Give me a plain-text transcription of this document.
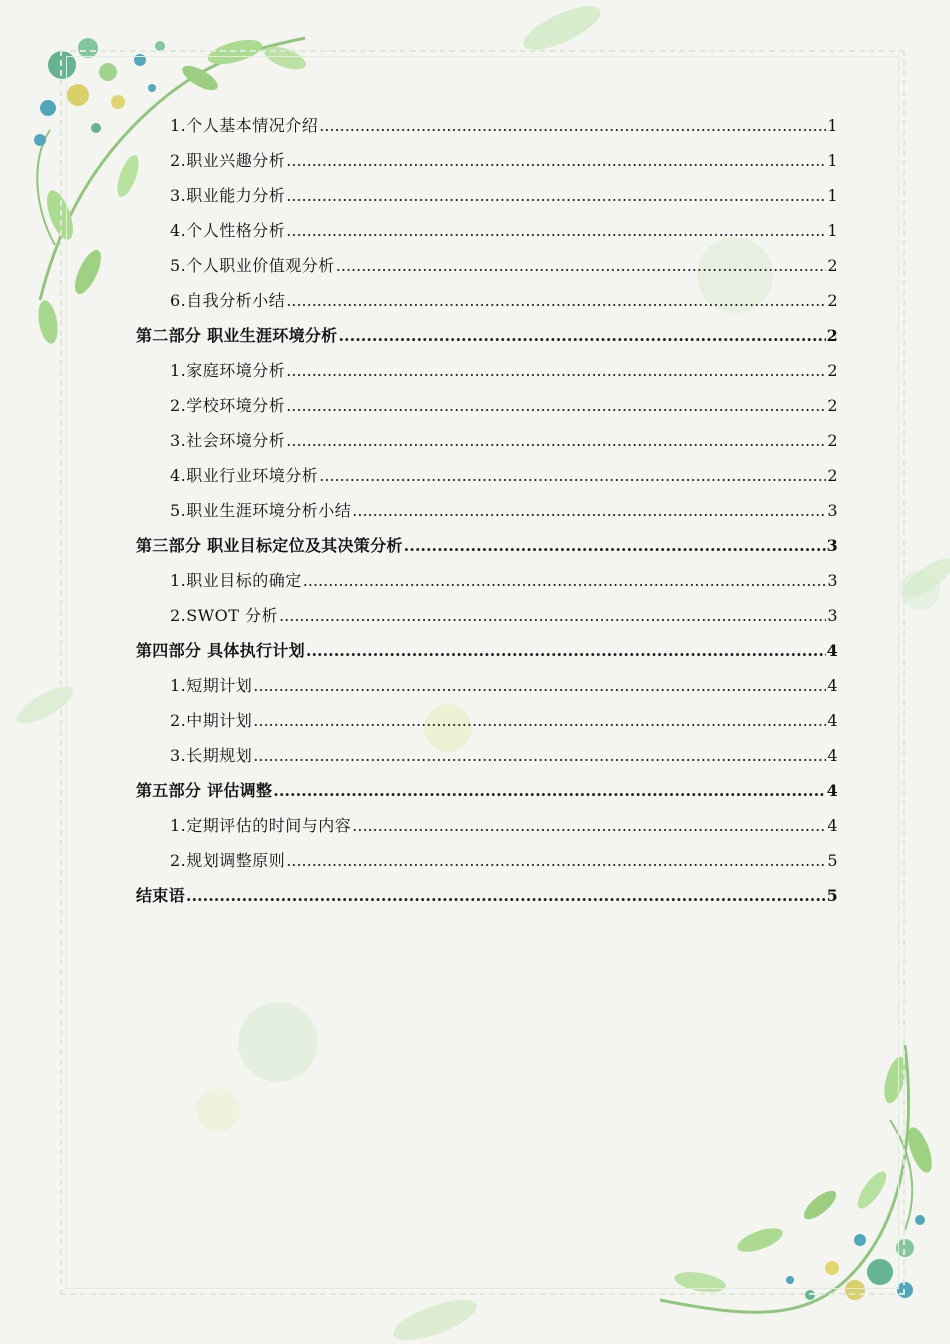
1.个人基本情况介绍 .....	1
2.职业兴趣分析 .....	1
3.职业能力分析 .....	1
4.个人性格分析 .....	1
5.个人职业价值观分析 .....	2
6.自我分析小结 .....	2
第二部分 职业生涯环境分析 .....	2
1.家庭环境分析 .....	2
2.学校环境分析 .....	2
3.社会环境分析 .....	2
4.职业行业环境分析 .....	2
5.职业生涯环境分析小结 .....	3
第三部分 职业目标定位及其决策分析 .....	3
1.职业目标的确定 .....	3
2.SWOT 分析 .....	3
第四部分 具体执行计划 .....	4
1.短期计划 .....	4
2.中期计划 .....	4
3.长期规划 .....	4
第五部分 评估调整 .....	4
1.定期评估的时间与内容 .....	4
2.规划调整原则 .....	5
结束语 .....	5
